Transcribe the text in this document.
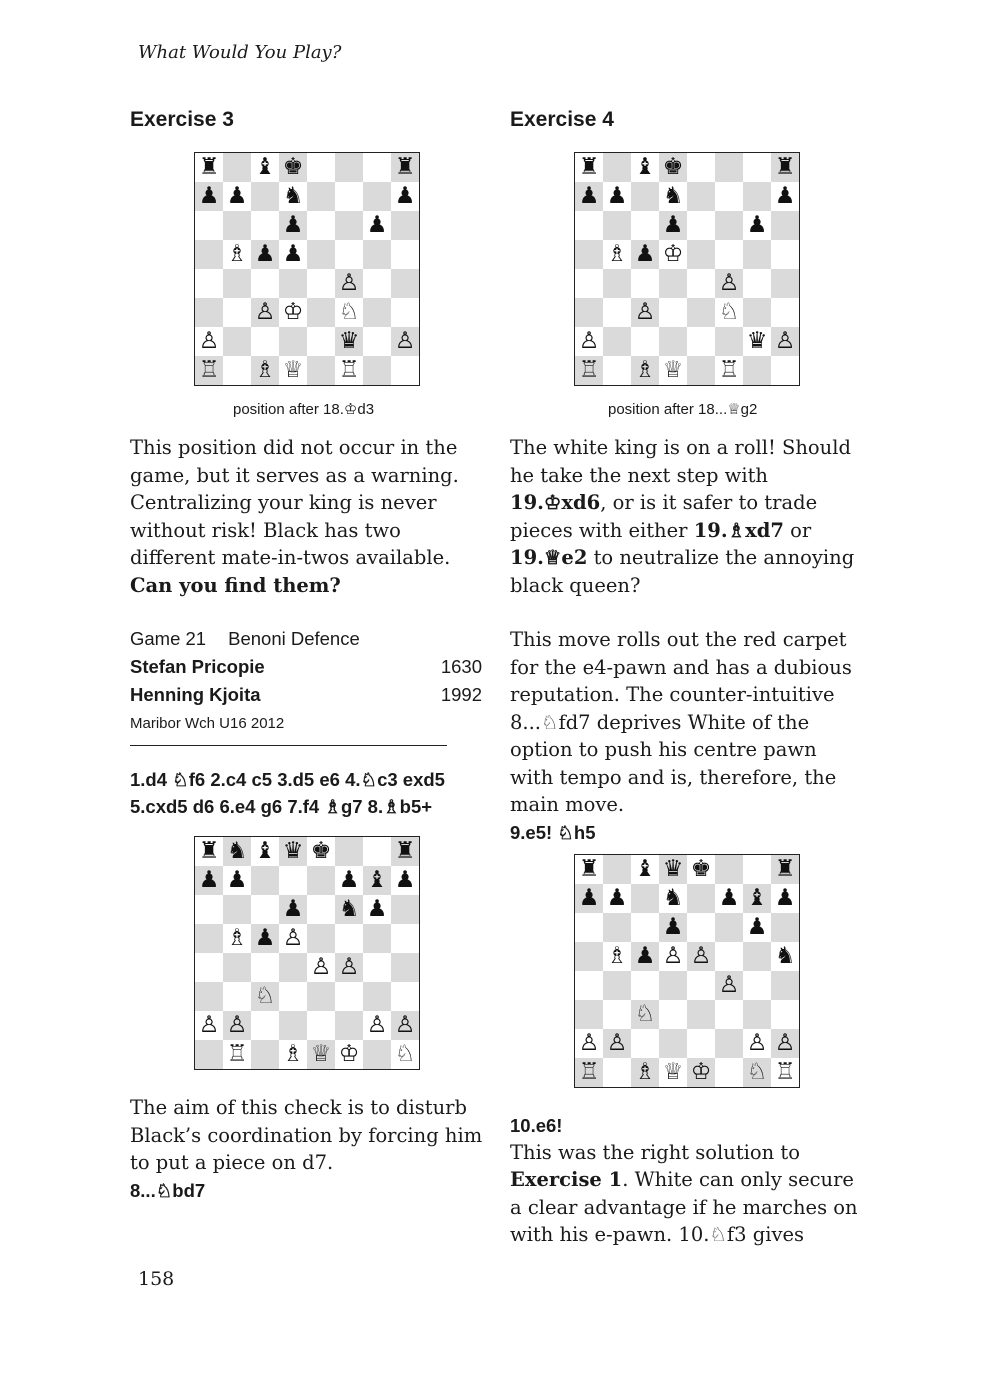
What Would You Play?
Exercise 3
♜ ♝ ♚	♜
♟ ♟ ♞	♟
♟	♟
♗ ♟ ♟
♙
♙ ♔ ♘
♙	♛ ♙
♖ ♗ ♕ ♖
position after 18.♔d3

This position did not occur in the game, but it serves as a warning. Centralizing your king is never without risk! Black has two different mate-in-twos available.

Can you find them?

Game 21 Benoni Defence
Stefan Pricopie	1630
Henning Kjoita	1992
Maribor Wch U16 2012
1.d4 ♘f6 2.c4 c5 3.d5 e6 4.♘c3 exd5 5.cxd5 d6 6.e4 g6 7.f4 ♗g7 8.♗b5+
♜ ♞ ♝ ♛ ♚	♜
♟ ♟	♟ ♝ ♟
♟ ♞ ♟
♗ ♟ ♙
♙ ♙
♘
♙ ♙	♙ ♙
♖ ♗ ♕ ♔ ♘

The aim of this check is to disturb Black’s coordination by forcing him to put a piece on d7.

8...♘bd7
Exercise 4
♜ ♝ ♚	♜
♟ ♟ ♞	♟
♟	♟
♗ ♟ ♔
♙
♙	♘
♙	♛ ♙
♖ ♗ ♕ ♖
position after 18...♕g2

The white king is on a roll! Should he take the next step with 19.♔xd6, or is it safer to trade pieces with either 19.♗xd7 or 19.♕e2 to neutralize the annoying black queen?

This move rolls out the red carpet for the e4-pawn and has a dubious reputation. The counter-intuitive 8...♘fd7 deprives White of the option to push his centre pawn with tempo and is, therefore, the main move.

9.e5! ♘h5
♜ ♝ ♛ ♚	♜
♟ ♟ ♞ ♟ ♝ ♟
♟	♟
♗ ♟ ♙ ♙	♞
♙
♘
♙ ♙	♙ ♙
♖ ♗ ♕ ♔ ♘ ♖
10.e6!

This was the right solution to Exercise 1. White can only secure a clear advantage if he marches on with his e-pawn. 10.♘f3 gives

158
